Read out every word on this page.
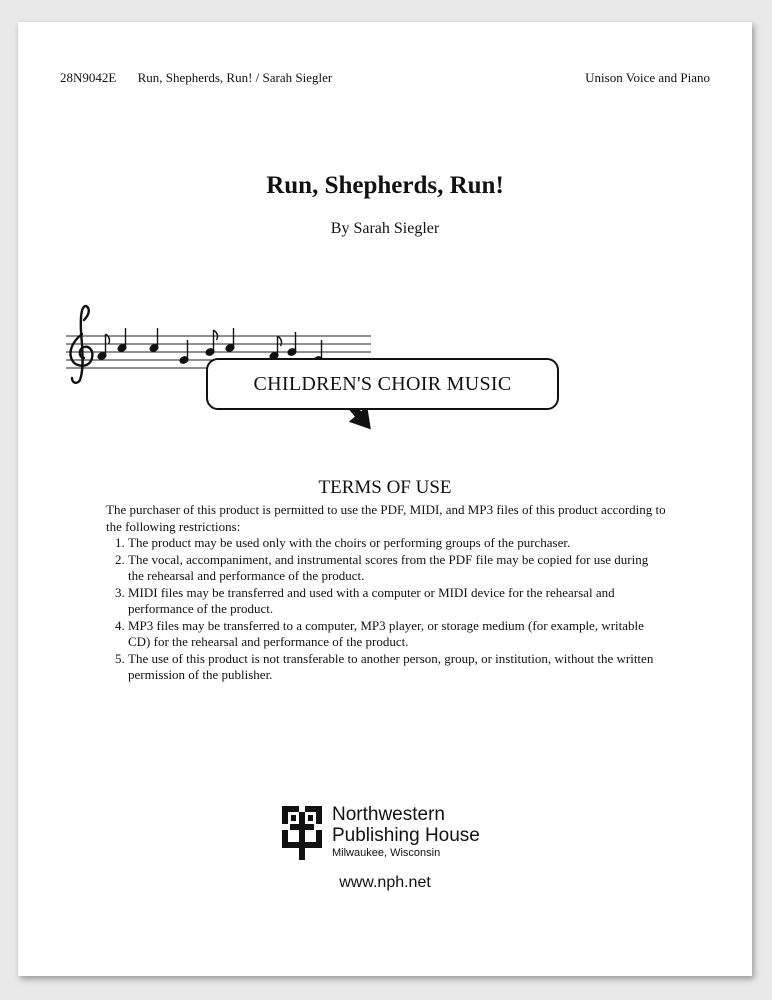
28N9042E Run, Shepherds, Run! / Sarah Siegler	Unison Voice and Piano
Run, Shepherds, Run!
By Sarah Siegler
CHILDREN'S CHOIR MUSIC
TERMS OF USE
The purchaser of this product is permitted to use the PDF, MIDI, and MP3 files of this product according to the following restrictions:
1. The product may be used only with the choirs or performing groups of the purchaser.
2. The vocal, accompaniment, and instrumental scores from the PDF file may be copied for use during the rehearsal and performance of the product.
3. MIDI files may be transferred and used with a computer or MIDI device for the rehearsal and performance of the product.
4. MP3 files may be transferred to a computer, MP3 player, or storage medium (for example, writable CD) for the rehearsal and performance of the product.
5. The use of this product is not transferable to another person, group, or institution, without the written permission of the publisher.
Northwestern
Publishing House
Milwaukee, Wisconsin
www.nph.net
